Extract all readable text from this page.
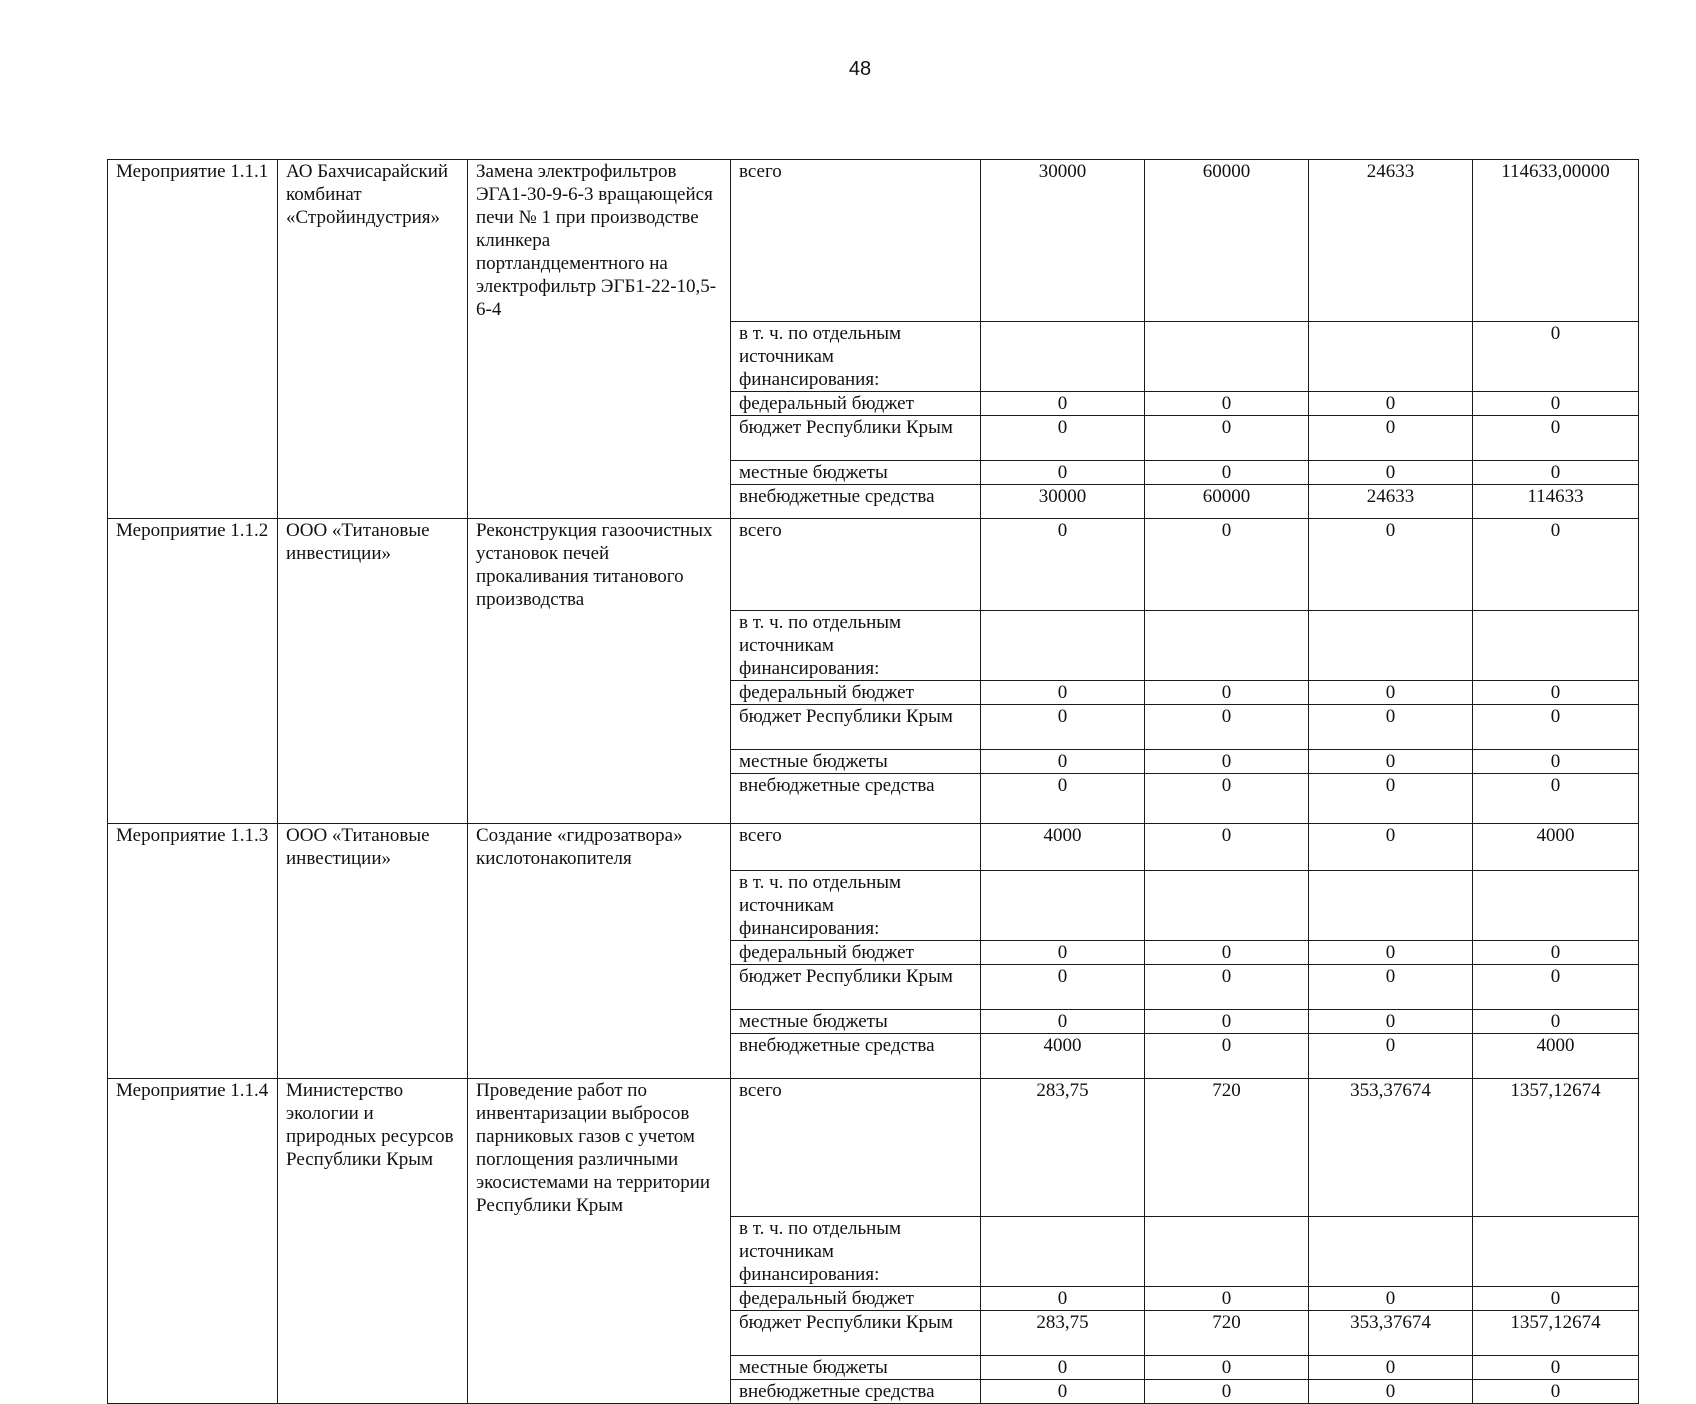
48
Мероприятие 1.1.1	АО Бахчисарайский комбинат «Стройиндустрия»	Замена электрофильтров ЭГА1-30-9-6-3 вращающейся печи № 1 при производстве клинкера портландцементного на электрофильтр ЭГБ1-22-10,5-6-4	всего	30000	60000	24633	114633,00000
			в т. ч. по отдельным источникам финансирования:				0
			федеральный бюджет	0	0	0	0
			бюджет Республики Крым	0	0	0	0
			местные бюджеты	0	0	0	0
			внебюджетные средства	30000	60000	24633	114633
Мероприятие 1.1.2	ООО «Титановые инвестиции»	Реконструкция газоочистных установок печей прокаливания титанового производства	всего	0	0	0	0
			в т. ч. по отдельным источникам финансирования:				
			федеральный бюджет	0	0	0	0
			бюджет Республики Крым	0	0	0	0
			местные бюджеты	0	0	0	0
			внебюджетные средства	0	0	0	0
Мероприятие 1.1.3	ООО «Титановые инвестиции»	Создание «гидрозатвора» кислотонакопителя	всего	4000	0	0	4000
			в т. ч. по отдельным источникам финансирования:				
			федеральный бюджет	0	0	0	0
			бюджет Республики Крым	0	0	0	0
			местные бюджеты	0	0	0	0
			внебюджетные средства	4000	0	0	4000
Мероприятие 1.1.4	Министерство экологии и природных ресурсов Республики Крым	Проведение работ по инвентаризации выбросов парниковых газов с учетом поглощения различными экосистемами на территории Республики Крым	всего	283,75	720	353,37674	1357,12674
			в т. ч. по отдельным источникам финансирования:				
			федеральный бюджет	0	0	0	0
			бюджет Республики Крым	283,75	720	353,37674	1357,12674
			местные бюджеты	0	0	0	0
			внебюджетные средства	0	0	0	0
